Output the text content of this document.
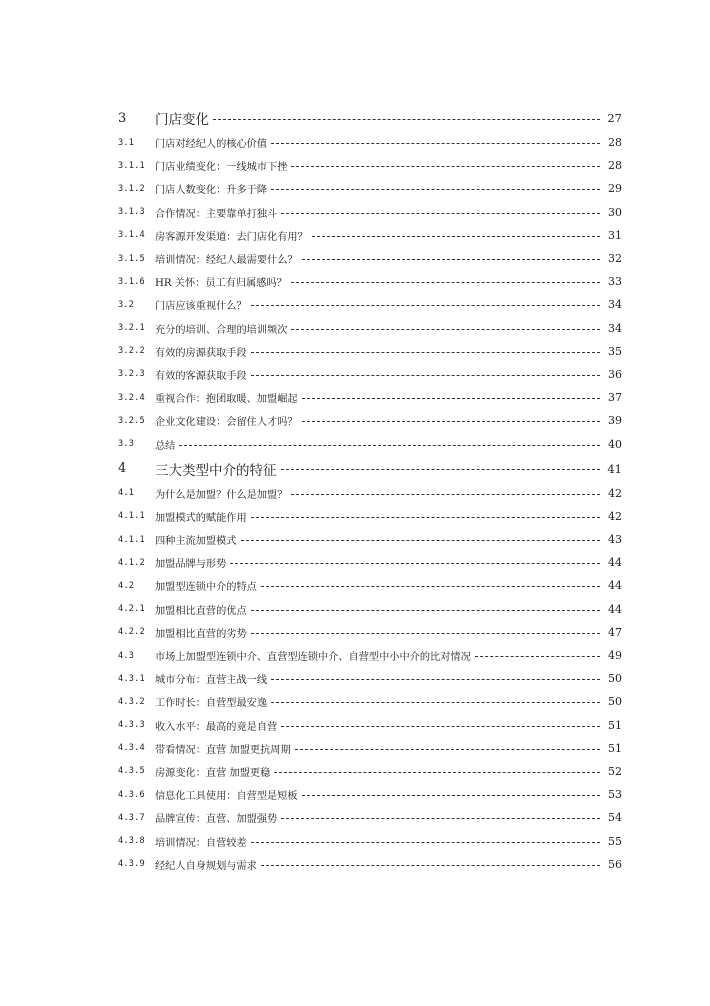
3	门店变化	27
3.1	门店对经纪人的核心价值	28
3.1.1 门店业绩变化：一线城市下挫	28
3.1.2 门店人数变化：升多于降	29
3.1.3 合作情况：主要靠单打独斗	30
3.1.4 房客源开发渠道：去门店化有用？	31
3.1.5 培训情况：经纪人最需要什么？	32
3.1.6 HR 关怀：员工有归属感吗？	33
3.2	门店应该重视什么？	34
3.2.1 充分的培训、合理的培训频次	34
3.2.2 有效的房源获取手段	35
3.2.3 有效的客源获取手段	36
3.2.4 重视合作：抱团取暖、加盟崛起	37
3.2.5 企业文化建设：会留住人才吗？	39
3.3	总结	40
4	三大类型中介的特征	41
4.1	为什么是加盟？什么是加盟？	42
4.1.1 加盟模式的赋能作用	42
4.1.1 四种主流加盟模式	43
4.1.2 加盟品牌与形势	44
4.2	加盟型连锁中介的特点	44
4.2.1 加盟相比直营的优点	44
4.2.2 加盟相比直营的劣势	47
4.3	市场上加盟型连锁中介、直营型连锁中介、自营型中小中介的比对情况	49
4.3.1 城市分布：直营主战一线	50
4.3.2 工作时长：自营型最安逸	50
4.3.3 收入水平：最高的竟是自营	51
4.3.4 带看情况：直营 加盟更抗周期	51
4.3.5 房源变化：直营 加盟更稳	52
4.3.6 信息化工具使用：自营型是短板	53
4.3.7 品牌宣传：直营、加盟强势	54
4.3.8 培训情况：自营较差	55
4.3.9 经纪人自身规划与需求	56
